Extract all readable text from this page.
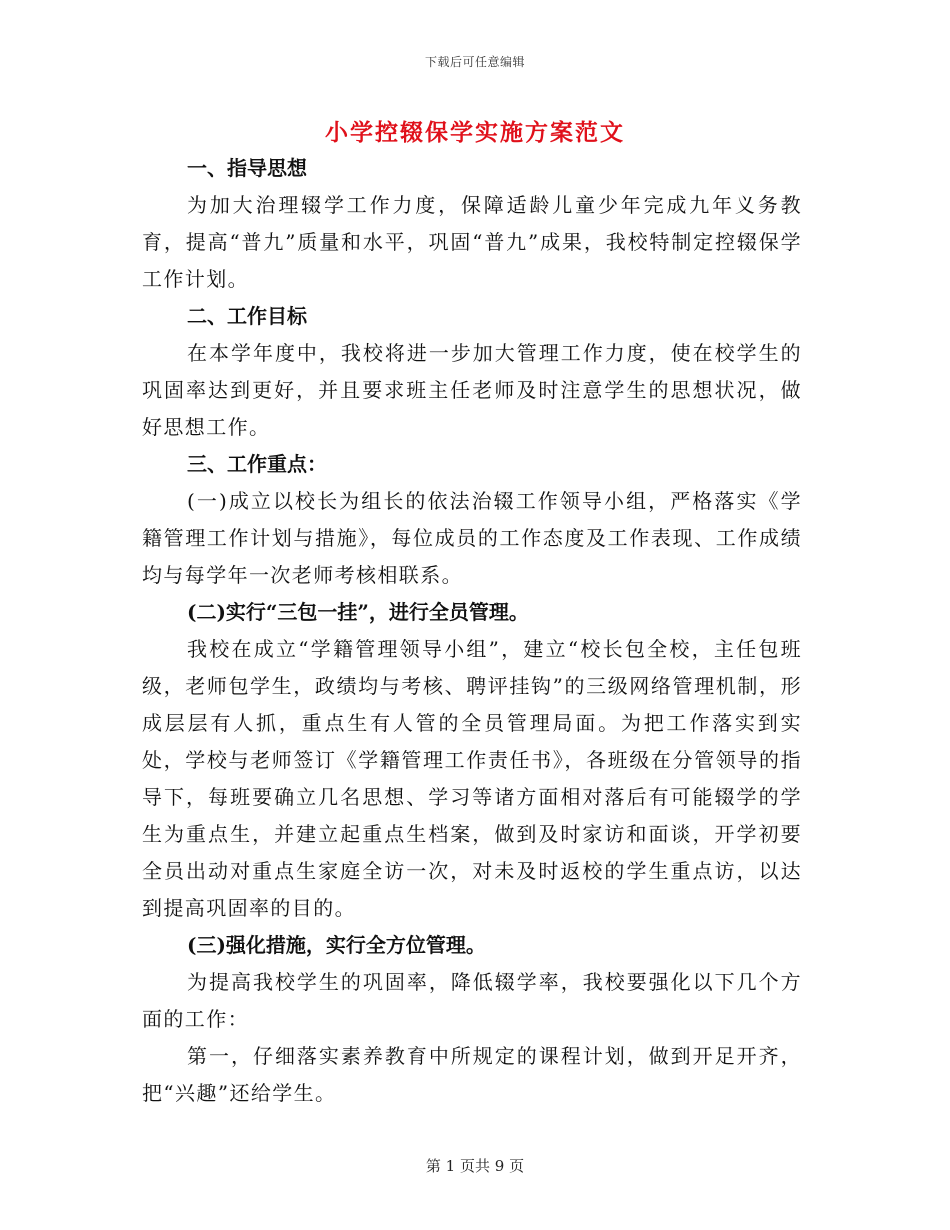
下载后可任意编辑
小学控辍保学实施方案范文

一、指导思想

为加大治理辍学工作力度，保障适龄儿童少年完成九年义务教育，提高“普九”质量和水平，巩固“普九”成果，我校特制定控辍保学工作计划。

二、工作目标

在本学年度中，我校将进一步加大管理工作力度，使在校学生的巩固率达到更好，并且要求班主任老师及时注意学生的思想状况，做好思想工作。

三、工作重点：

(一)成立以校长为组长的依法治辍工作领导小组，严格落实《学籍管理工作计划与措施》，每位成员的工作态度及工作表现、工作成绩均与每学年一次老师考核相联系。

(二)实行“三包一挂”，进行全员管理。

我校在成立“学籍管理领导小组”，建立“校长包全校，主任包班级，老师包学生，政绩均与考核、聘评挂钩”的三级网络管理机制，形成层层有人抓，重点生有人管的全员管理局面。为把工作落实到实处，学校与老师签订《学籍管理工作责任书》，各班级在分管领导的指导下，每班要确立几名思想、学习等诸方面相对落后有可能辍学的学生为重点生，并建立起重点生档案，做到及时家访和面谈，开学初要全员出动对重点生家庭全访一次，对未及时返校的学生重点访，以达到提高巩固率的目的。

(三)强化措施，实行全方位管理。

为提高我校学生的巩固率，降低辍学率，我校要强化以下几个方面的工作：

第一，仔细落实素养教育中所规定的课程计划，做到开足开齐，把“兴趣”还给学生。

第 1 页共 9 页
